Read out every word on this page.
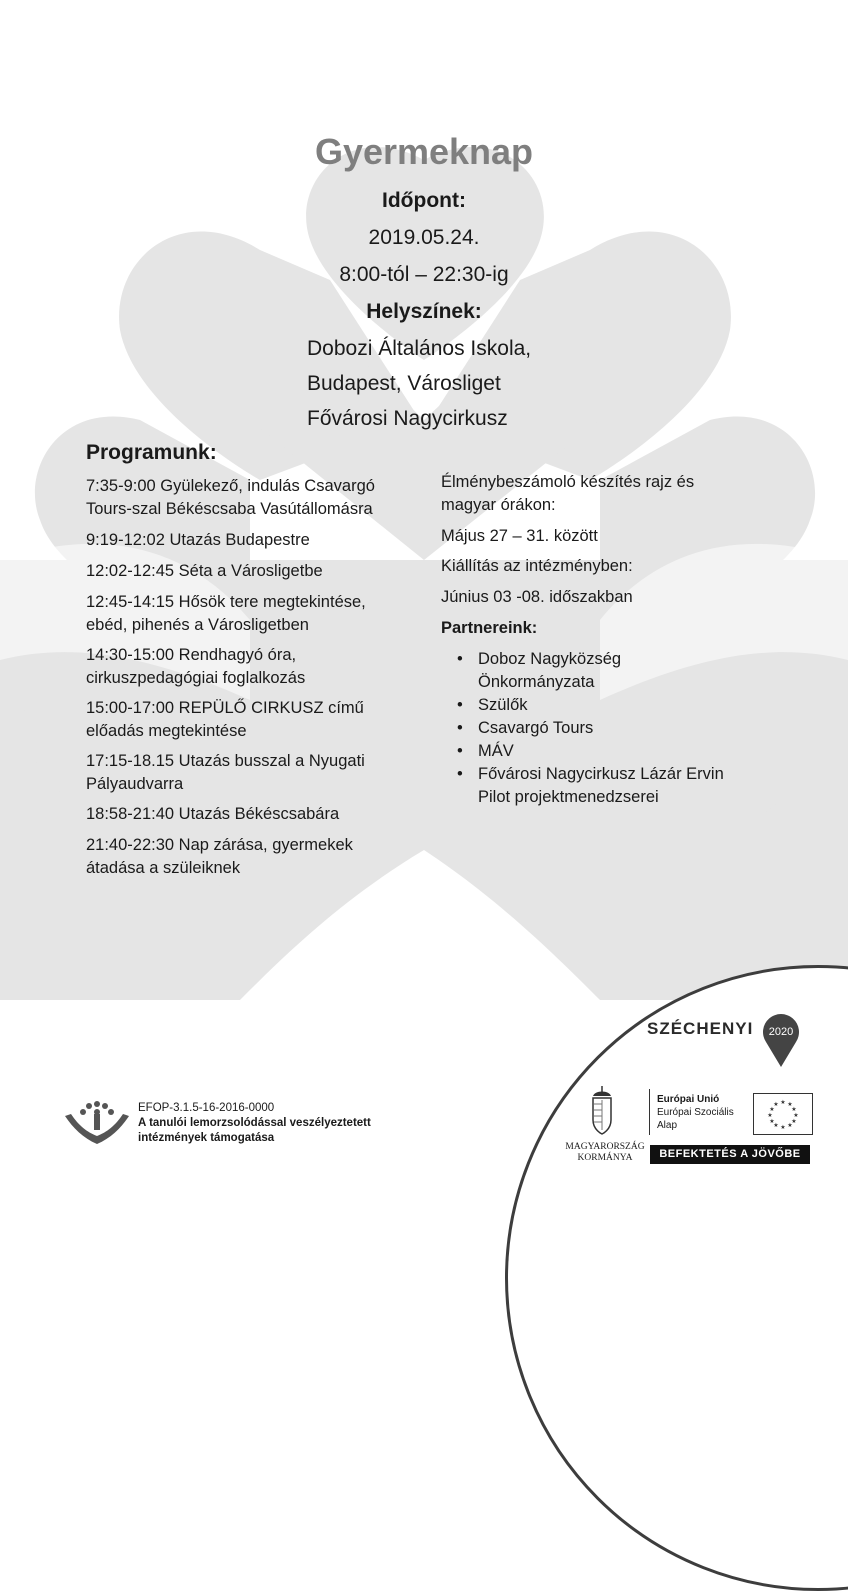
Gyermeknap
Időpont:
2019.05.24.
8:00-tól – 22:30-ig
Helyszínek:
Dobozi Általános Iskola,
Budapest, Városliget
Fővárosi Nagycirkusz
Programunk:
7:35-9:00 Gyülekező, indulás Csavargó
Tours-szal Békéscsaba Vasútállomásra
9:19-12:02 Utazás Budapestre
12:02-12:45 Séta a Városligetbe
12:45-14:15 Hősök tere megtekintése,
ebéd, pihenés a Városligetben
14:30-15:00 Rendhagyó óra,
cirkuszpedagógiai foglalkozás
15:00-17:00 REPÜLŐ CIRKUSZ című
előadás megtekintése
17:15-18.15 Utazás busszal a Nyugati
Pályaudvarra
18:58-21:40 Utazás Békéscsabára
21:40-22:30 Nap zárása, gyermekek
átadása a szüleiknek
Élménybeszámoló készítés rajz és
magyar órákon:
Május 27 – 31. között
Kiállítás az intézményben:
Június 03 -08. időszakban
Partnereink:
• Doboz Nagyközség
Önkormányzata
• Szülők
• Csavargó Tours
• MÁV
• Fővárosi Nagycirkusz Lázár Ervin
Pilot projektmenedzserei
EFOP-3.1.5-16-2016-0000
A tanulói lemorzsolódással veszélyeztetett
intézmények támogatása
SZÉCHENYI 2020
MAGYARORSZÁG
KORMÁNYA
Európai Unió
Európai Szociális
Alap
★ ★
★
★
★
★
★
★
★
★
★
★
BEFEKTETÉS A JÖVŐBE
